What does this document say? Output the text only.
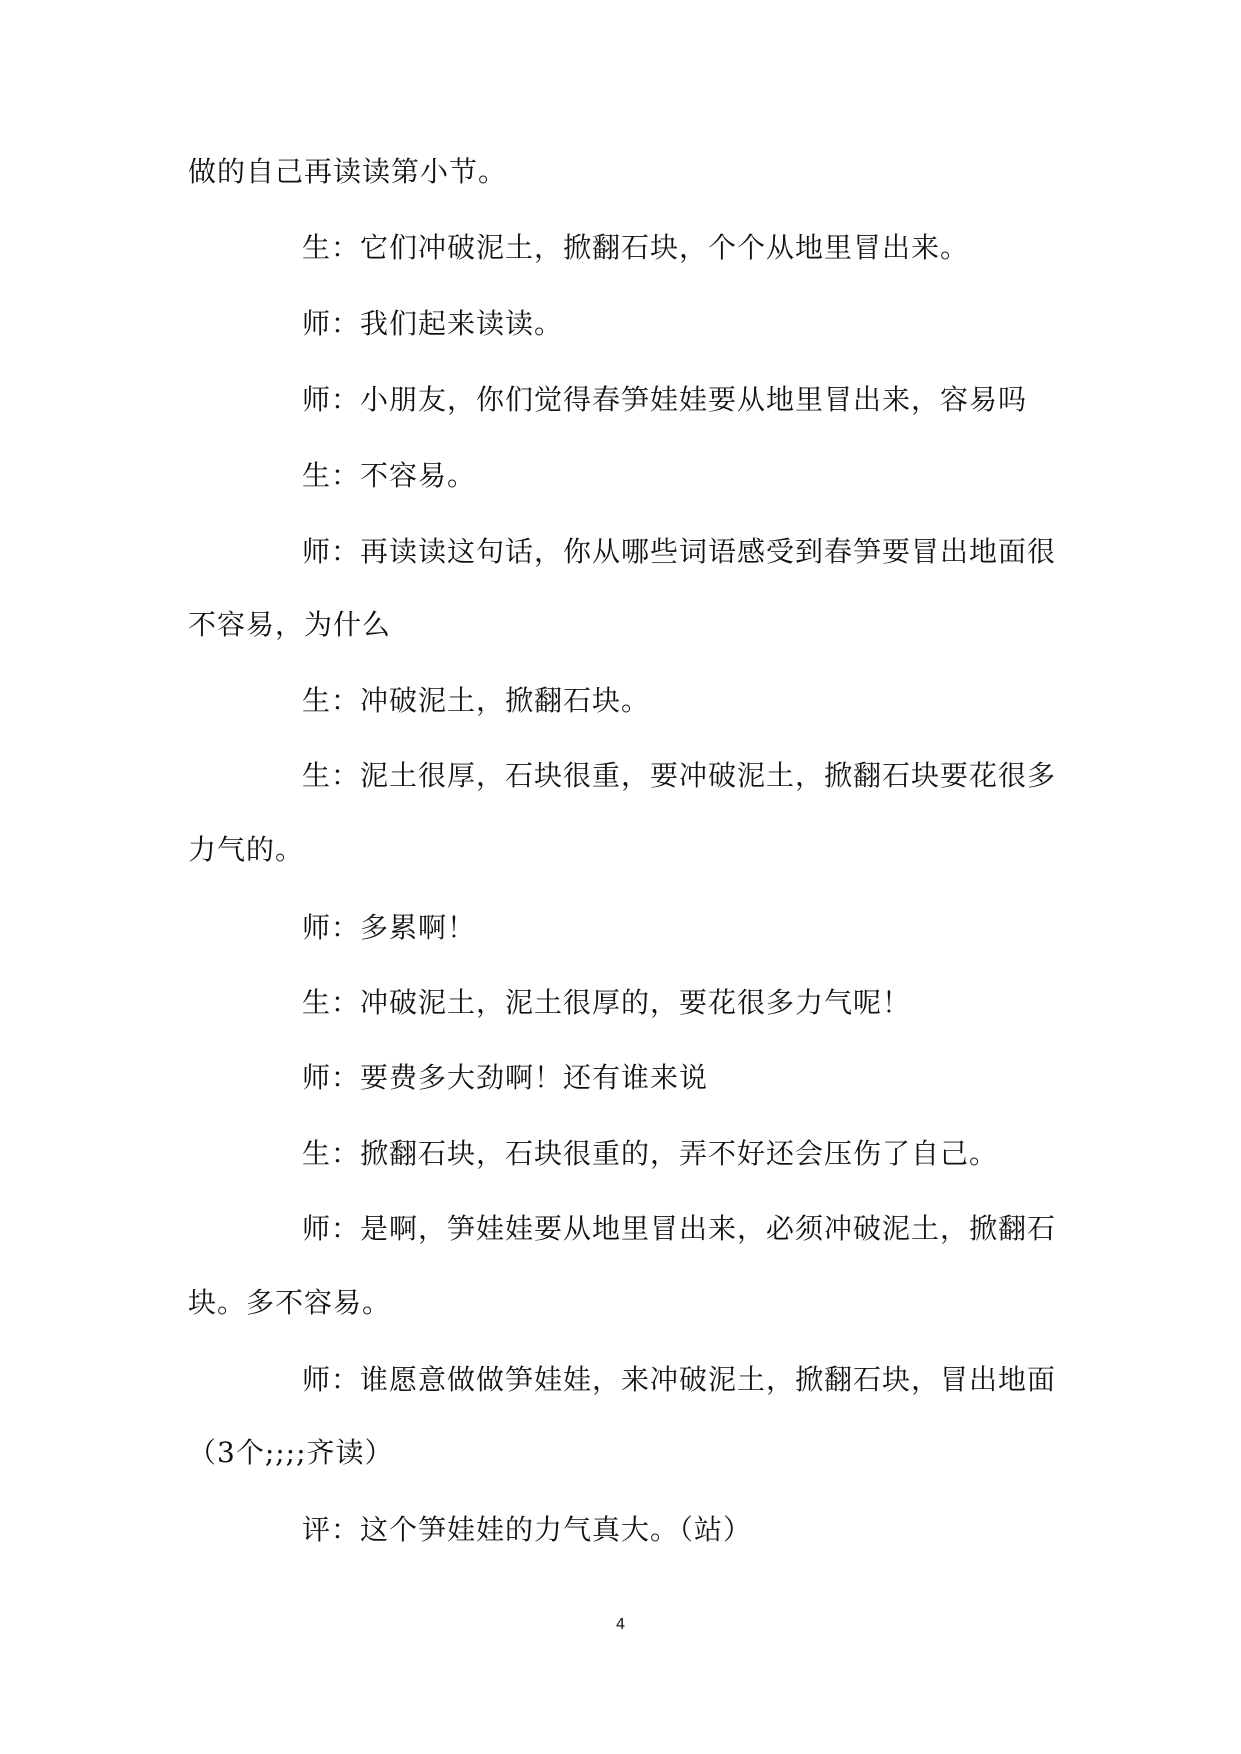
做的自己再读读第小节。
生：它们冲破泥土，掀翻石块，个个从地里冒出来。
师：我们起来读读。
师：小朋友，你们觉得春笋娃娃要从地里冒出来，容易吗
生：不容易。
师：再读读这句话，你从哪些词语感受到春笋要冒出地面很
不容易，为什么
生：冲破泥土，掀翻石块。
生：泥土很厚，石块很重，要冲破泥土，掀翻石块要花很多
力气的。
师：多累啊！
生：冲破泥土，泥土很厚的，要花很多力气呢！
师：要费多大劲啊！还有谁来说
生：掀翻石块，石块很重的，弄不好还会压伤了自己。
师：是啊，笋娃娃要从地里冒出来，必须冲破泥土，掀翻石
块。多不容易。
师：谁愿意做做笋娃娃，来冲破泥土，掀翻石块，冒出地面
（3个;;;;齐读）
评：这个笋娃娃的力气真大。（站）
4
